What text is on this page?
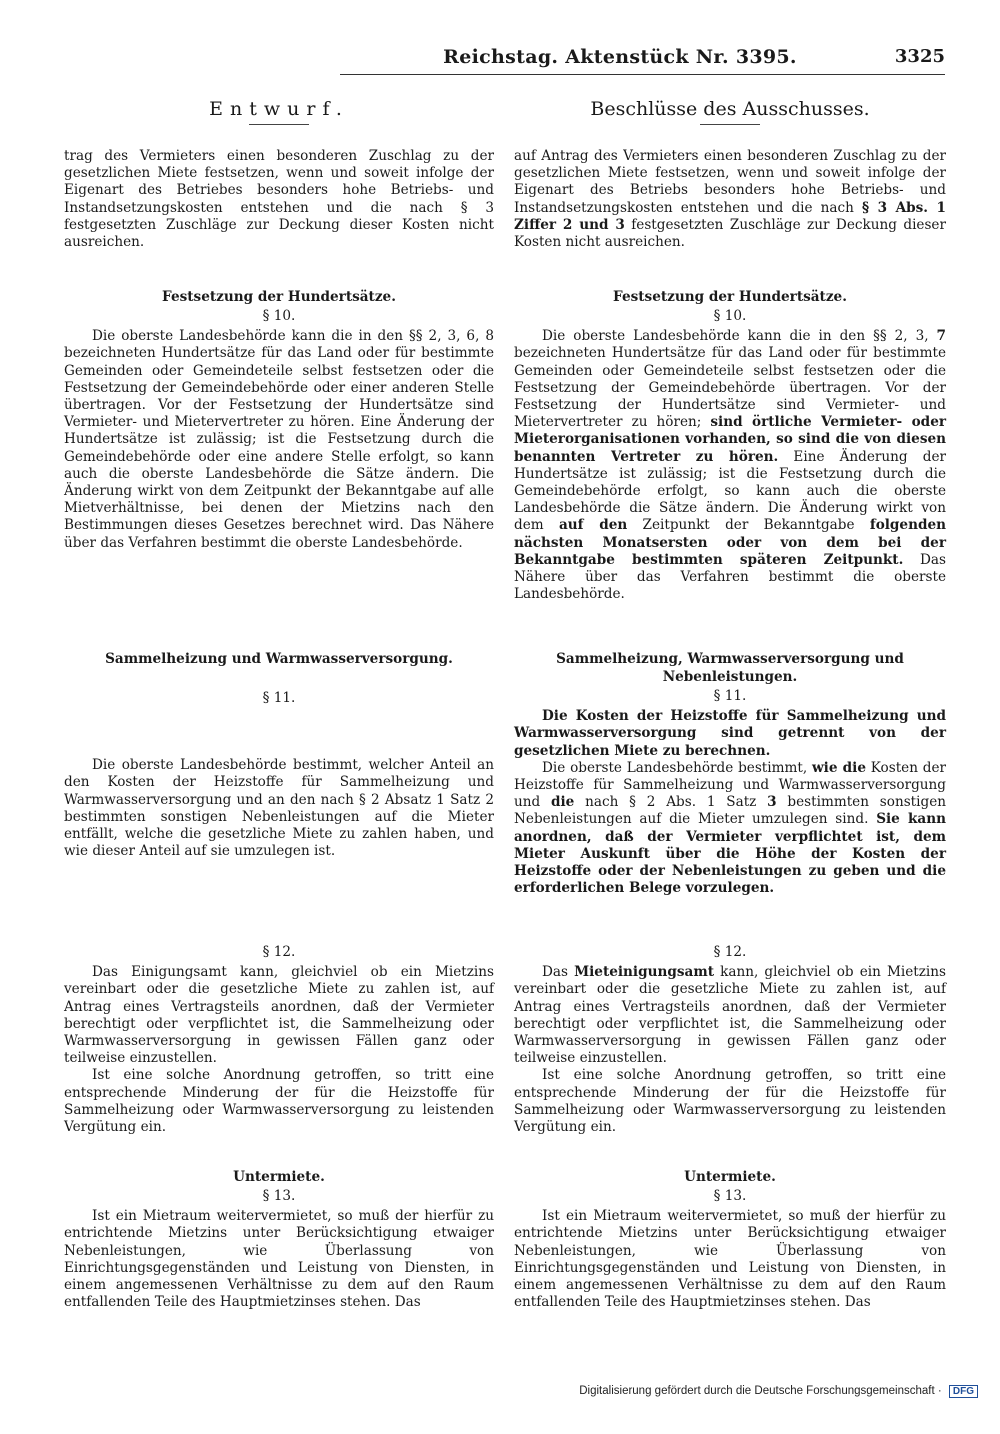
Reichstag. Aktenstück Nr. 3395.	3325
Entwurf.

trag des Vermieters einen besonderen Zuschlag zu der gesetzlichen Miete festsetzen, wenn und soweit infolge der Eigenart des Betriebes besonders hohe Betriebs- und Instandsetzungskosten entstehen und die nach § 3 festgesetzten Zuschläge zur Deckung dieser Kosten nicht ausreichen.

Festsetzung der Hundertsätze.

§ 10.

Die oberste Landesbehörde kann die in den §§ 2, 3, 6, 8 bezeichneten Hundertsätze für das Land oder für bestimmte Gemeinden oder Gemeindeteile selbst festsetzen oder die Festsetzung der Gemeindebehörde oder einer anderen Stelle übertragen. Vor der Festsetzung der Hundertsätze sind Vermieter- und Mietervertreter zu hören. Eine Änderung der Hundertsätze ist zulässig; ist die Festsetzung durch die Gemeindebehörde oder eine andere Stelle erfolgt, so kann auch die oberste Landesbehörde die Sätze ändern. Die Änderung wirkt von dem Zeitpunkt der Bekanntgabe auf alle Mietverhältnisse, bei denen der Mietzins nach den Bestimmungen dieses Gesetzes berechnet wird. Das Nähere über das Verfahren bestimmt die oberste Landesbehörde.

Sammelheizung und Warmwasserversorgung.

§ 11.

Die oberste Landesbehörde bestimmt, welcher Anteil an den Kosten der Heizstoffe für Sammelheizung und Warmwasserversorgung und an den nach § 2 Absatz 1 Satz 2 bestimmten sonstigen Nebenleistungen auf die Mieter entfällt, welche die gesetzliche Miete zu zahlen haben, und wie dieser Anteil auf sie umzulegen ist.

§ 12.

Das Einigungsamt kann, gleichviel ob ein Mietzins vereinbart oder die gesetzliche Miete zu zahlen ist, auf Antrag eines Vertragsteils anordnen, daß der Vermieter berechtigt oder verpflichtet ist, die Sammelheizung oder Warmwasserversorgung in gewissen Fällen ganz oder teilweise einzustellen.

Ist eine solche Anordnung getroffen, so tritt eine entsprechende Minderung der für die Heizstoffe für Sammelheizung oder Warmwasserversorgung zu leistenden Vergütung ein.

Untermiete.

§ 13.

Ist ein Mietraum weitervermietet, so muß der hierfür zu entrichtende Mietzins unter Berücksichtigung etwaiger Nebenleistungen, wie Überlassung von Einrichtungsgegenständen und Leistung von Diensten, in einem angemessenen Verhältnisse zu dem auf den Raum entfallenden Teile des Hauptmietzinses stehen. Das

Beschlüsse des Ausschusses.

auf Antrag des Vermieters einen besonderen Zuschlag zu der gesetzlichen Miete festsetzen, wenn und soweit infolge der Eigenart des Betriebs besonders hohe Betriebs- und Instandsetzungskosten entstehen und die nach § 3 Abs. 1 Ziffer 2 und 3 festgesetzten Zuschläge zur Deckung dieser Kosten nicht ausreichen.

Festsetzung der Hundertsätze.

§ 10.

Die oberste Landesbehörde kann die in den §§ 2, 3, 7 bezeichneten Hundertsätze für das Land oder für bestimmte Gemeinden oder Gemeindeteile selbst festsetzen oder die Festsetzung der Gemeindebehörde übertragen. Vor der Festsetzung der Hundertsätze sind Vermieter- und Mietervertreter zu hören; sind örtliche Vermieter- oder Mieterorganisationen vorhanden, so sind die von diesen benannten Vertreter zu hören. Eine Änderung der Hundertsätze ist zulässig; ist die Festsetzung durch die Gemeindebehörde erfolgt, so kann auch die oberste Landesbehörde die Sätze ändern. Die Änderung wirkt von dem auf den Zeitpunkt der Bekanntgabe folgenden nächsten Monatsersten oder von dem bei der Bekanntgabe bestimmten späteren Zeitpunkt. Das Nähere über das Verfahren bestimmt die oberste Landesbehörde.

Sammelheizung, Warmwasserversorgung und Nebenleistungen.

§ 11.

Die Kosten der Heizstoffe für Sammelheizung und Warmwasserversorgung sind getrennt von der gesetzlichen Miete zu berechnen.

Die oberste Landesbehörde bestimmt, wie die Kosten der Heizstoffe für Sammelheizung und Warmwasserversorgung und die nach § 2 Abs. 1 Satz 3 bestimmten sonstigen Nebenleistungen auf die Mieter umzulegen sind. Sie kann anordnen, daß der Vermieter verpflichtet ist, dem Mieter Auskunft über die Höhe der Kosten der Heizstoffe oder der Nebenleistungen zu geben und die erforderlichen Belege vorzulegen.

§ 12.

Das Mieteinigungsamt kann, gleichviel ob ein Mietzins vereinbart oder die gesetzliche Miete zu zahlen ist, auf Antrag eines Vertragsteils anordnen, daß der Vermieter berechtigt oder verpflichtet ist, die Sammelheizung oder Warmwasserversorgung in gewissen Fällen ganz oder teilweise einzustellen.

Ist eine solche Anordnung getroffen, so tritt eine entsprechende Minderung der für die Heizstoffe für Sammelheizung oder Warmwasserversorgung zu leistenden Vergütung ein.

Untermiete.

§ 13.

Ist ein Mietraum weitervermietet, so muß der hierfür zu entrichtende Mietzins unter Berücksichtigung etwaiger Nebenleistungen, wie Überlassung von Einrichtungsgegenständen und Leistung von Diensten, in einem angemessenen Verhältnisse zu dem auf den Raum entfallenden Teile des Hauptmietzinses stehen. Das

Digitalisierung gefördert durch die Deutsche Forschungsgemeinschaft · DFG
